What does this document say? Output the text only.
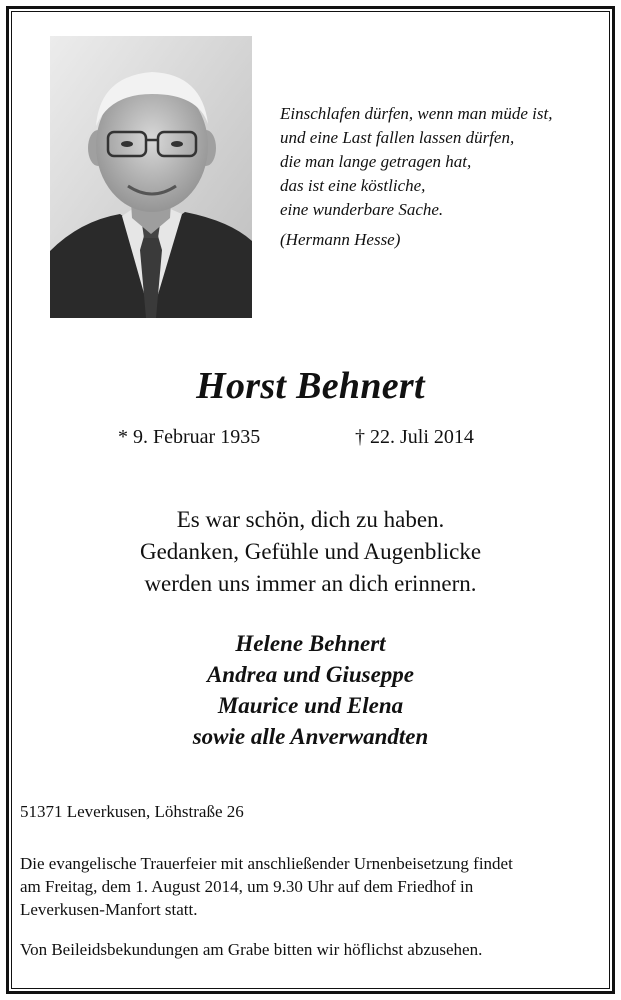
Einschlafen dürfen, wenn man müde ist,
und eine Last fallen lassen dürfen,
die man lange getragen hat,
das ist eine köstliche,
eine wunderbare Sache.
(Hermann Hesse)
Horst Behnert
* 9. Februar 1935	† 22. Juli 2014
Es war schön, dich zu haben.
Gedanken, Gefühle und Augenblicke
werden uns immer an dich erinnern.
Helene Behnert
Andrea und Giuseppe
Maurice und Elena
sowie alle Anverwandten
51371 Leverkusen, Löhstraße 26
Die evangelische Trauerfeier mit anschließender Urnenbeisetzung findet
am Freitag, dem 1. August 2014, um 9.30 Uhr auf dem Friedhof in
Leverkusen-Manfort statt.
Von Beileidsbekundungen am Grabe bitten wir höflichst abzusehen.
